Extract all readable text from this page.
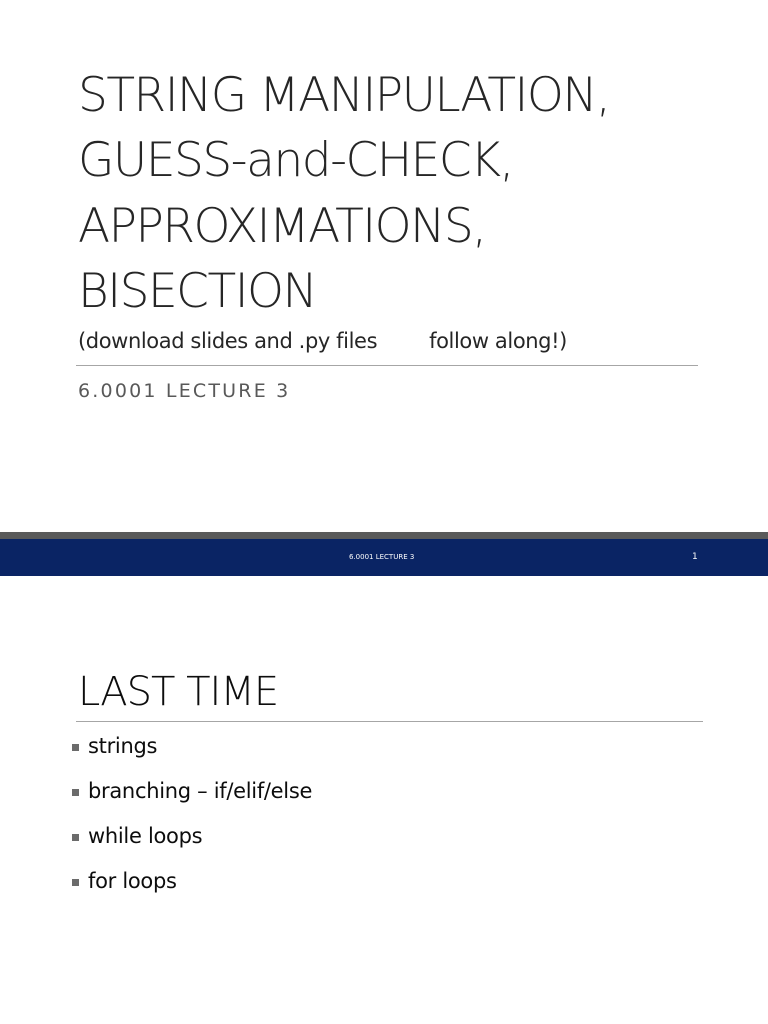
STRING MANIPULATION,
GUESS-and-CHECK,
APPROXIMATIONS,
BISECTION
(download slides and .py files follow along!)
6.0001 LECTURE 3
6.0001 LECTURE 3	1
LAST TIME
strings
branching – if/elif/else
while loops
for loops
